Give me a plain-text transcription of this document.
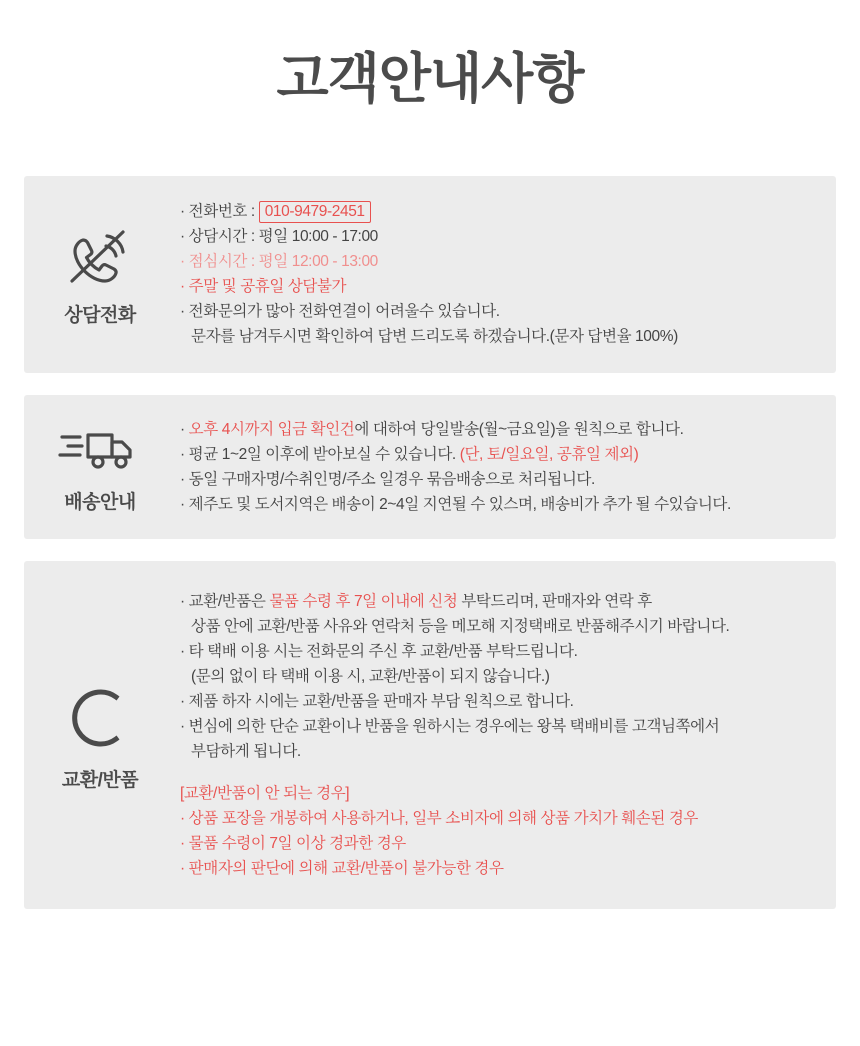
고객안내사항
상담전화
· 전화번호 : 010-9479-2451
· 상담시간 : 평일 10:00 - 17:00
· 점심시간 : 평일 12:00 - 13:00
· 주말 및 공휴일 상담불가
· 전화문의가 많아 전화연결이 어려울수 있습니다.
문자를 남겨두시면 확인하여 답변 드리도록 하겠습니다.(문자 답변율 100%)
배송안내
· 오후 4시까지 입금 확인건에 대하여 당일발송(월~금요일)을 원칙으로 합니다.
· 평균 1~2일 이후에 받아보실 수 있습니다. (단, 토/일요일, 공휴일 제외)
· 동일 구매자명/수취인명/주소 일경우 묶음배송으로 처리됩니다.
· 제주도 및 도서지역은 배송이 2~4일 지연될 수 있스며, 배송비가 추가 될 수있습니다.
교환/반품
· 교환/반품은 물품 수령 후 7일 이내에 신청 부탁드리며, 판매자와 연락 후
상품 안에 교환/반품 사유와 연락처 등을 메모해 지정택배로 반품해주시기 바랍니다.
· 타 택배 이용 시는 전화문의 주신 후 교환/반품 부탁드립니다.
(문의 없이 타 택배 이용 시, 교환/반품이 되지 않습니다.)
· 제품 하자 시에는 교환/반품을 판매자 부담 원칙으로 합니다.
· 변심에 의한 단순 교환이나 반품을 원하시는 경우에는 왕복 택배비를 고객님쪽에서
부담하게 됩니다.
[교환/반품이 안 되는 경우]
· 상품 포장을 개봉하여 사용하거나, 일부 소비자에 의해 상품 가치가 훼손된 경우
· 물품 수령이 7일 이상 경과한 경우
· 판매자의 판단에 의해 교환/반품이 불가능한 경우
